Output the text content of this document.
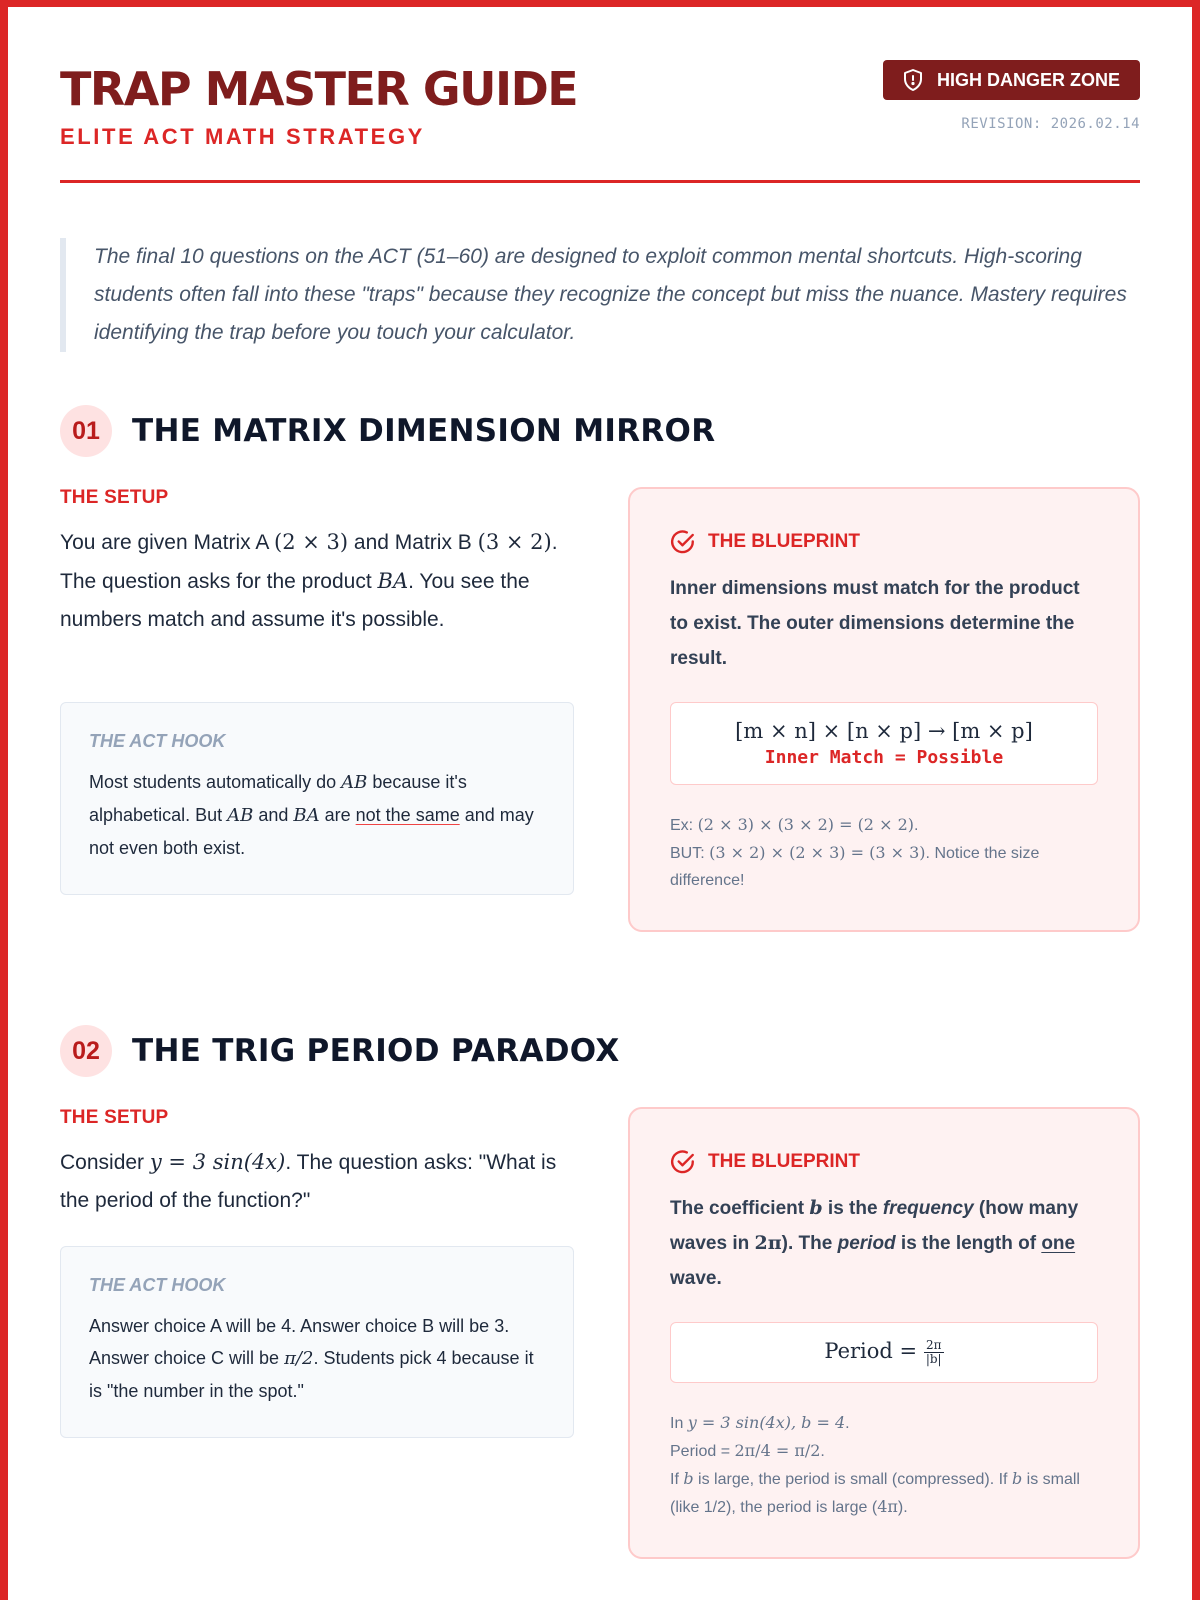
TRAP MASTER GUIDE
ELITE ACT MATH STRATEGY
HIGH DANGER ZONE
REVISION: 2026.02.14

The final 10 questions on the ACT (51–60) are designed to exploit common mental shortcuts. High-scoring students often fall into these "traps" because they recognize the concept but miss the nuance. Mastery requires identifying the trap before you touch your calculator.

01	THE MATRIX DIMENSION MIRROR
THE SETUP
You are given Matrix A (2 × 3) and Matrix B (3 × 2). The question asks for the product BA. You see the numbers match and assume it's possible.
THE ACT HOOK
Most students automatically do AB because it's alphabetical. But AB and BA are not the same and may not even both exist.
THE BLUEPRINT
Inner dimensions must match for the product to exist. The outer dimensions determine the result.
[m × n] × [n × p] → [m × p]
Inner Match = Possible
Ex: (2 × 3) × (3 × 2) = (2 × 2).
BUT: (3 × 2) × (2 × 3) = (3 × 3). Notice the size difference!
02	THE TRIG PERIOD PARADOX
THE SETUP
Consider y = 3 sin(4x). The question asks: "What is the period of the function?"
THE ACT HOOK
Answer choice A will be 4. Answer choice B will be 3. Answer choice C will be π/2. Students pick 4 because it is "the number in the spot."
THE BLUEPRINT
The coefficient b is the frequency (how many waves in 2π). The period is the length of one wave.
Period = $\frac{2\pi}{|b|}$
In y = 3 sin(4x), b = 4.
Period = 2π/4 = π/2.
If b is large, the period is small (compressed). If b is small (like 1/2), the period is large (4π).
